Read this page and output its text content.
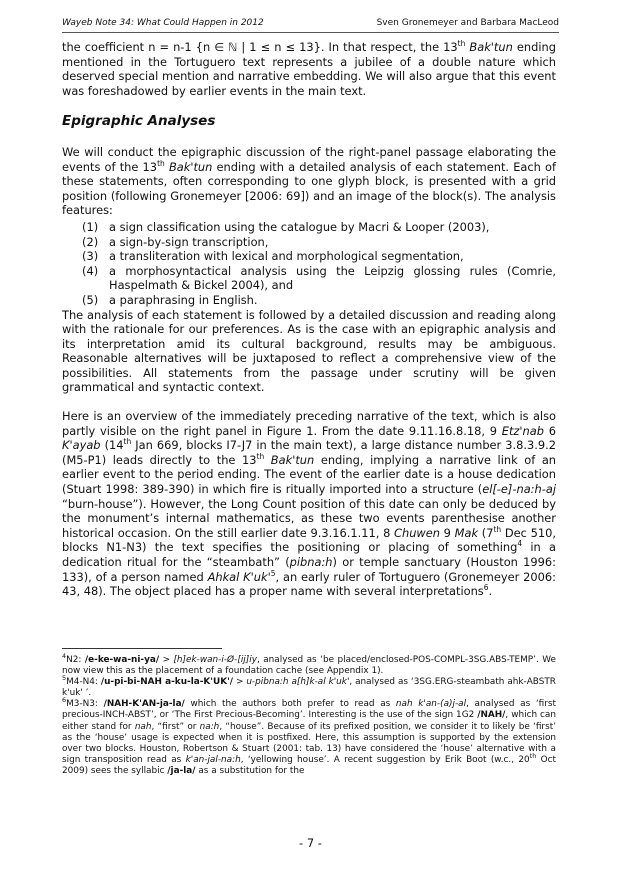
Wayeb Note 34: What Could Happen in 2012	Sven Gronemeyer and Barbara MacLeod

the coefficient n = n-1 {n ∈ ℕ | 1 ≤ n ≤ 13}. In that respect, the 13th Bak'tun ending mentioned in the Tortuguero text represents a jubilee of a double nature which deserved special mention and narrative embedding. We will also argue that this event was foreshadowed by earlier events in the main text.

Epigraphic Analyses

We will conduct the epigraphic discussion of the right-panel passage elaborating the events of the 13th Bak'tun ending with a detailed analysis of each statement. Each of these statements, often corresponding to one glyph block, is presented with a grid position (following Gronemeyer [2006: 69]) and an image of the block(s). The analysis features:

(1) a sign classification using the catalogue by Macri & Looper (2003),
(2) a sign-by-sign transcription,
(3) a transliteration with lexical and morphological segmentation,
(4) a morphosyntactical analysis using the Leipzig glossing rules (Comrie, Haspelmath & Bickel 2004), and
(5) a paraphrasing in English.

The analysis of each statement is followed by a detailed discussion and reading along with the rationale for our preferences. As is the case with an epigraphic analysis and its interpretation amid its cultural background, results may be ambiguous. Reasonable alternatives will be juxtaposed to reflect a comprehensive view of the possibilities. All statements from the passage under scrutiny will be given grammatical and syntactic context.

Here is an overview of the immediately preceding narrative of the text, which is also partly visible on the right panel in Figure 1. From the date 9.11.16.8.18, 9 Etz'nab 6 K'ayab (14th Jan 669, blocks I7-J7 in the main text), a large distance number 3.8.3.9.2 (M5-P1) leads directly to the 13th Bak'tun ending, implying a narrative link of an earlier event to the period ending. The event of the earlier date is a house dedication (Stuart 1998: 389-390) in which fire is ritually imported into a structure (el[-e]-na:h-aj “burn-house”). However, the Long Count position of this date can only be deduced by the monument’s internal mathematics, as these two events parenthesise another historical occasion. On the still earlier date 9.3.16.1.11, 8 Chuwen 9 Mak (7th Dec 510, blocks N1-N3) the text specifies the positioning or placing of something$^4$ in a dedication ritual for the “steambath” (pibna:h) or temple sanctuary (Houston 1996: 133), of a person named Ahkal $K'uk'^5$, an early ruler of Tortuguero (Gronemeyer 2006: 43, 48). The object placed has a proper name with several interpretations$^6$.

$^4$N2: /e-ke-wa-ni-ya/ > [h]ek-wan-i-Ø-[ij]iy, analysed as ‘be placed/enclosed-POS-COMPL-3SG.ABS-TEMP’. We now view this as the placement of a foundation cache (see Appendix 1).

$^5$M4-N4: /u-pi-bi-NAH a-ku-la-K'UK'/ > u-pibna:h a[h]k-al k'uk', analysed as ‘3SG.ERG-steambath ahk-ABSTR k'uk' ’.

$^6$M3-N3: /NAH-K'AN-ja-la/ which the authors both prefer to read as nah k'an-(a)j-al, analysed as ‘first precious-INCH-ABST’, or ‘The First Precious-Becoming’. Interesting is the use of the sign 1G2 /NAH/, which can either stand for nah, “first” or na:h, “house”. Because of its prefixed position, we consider it to likely be ‘first’ as the ‘house’ usage is expected when it is postfixed. Here, this assumption is supported by the extension over two blocks. Houston, Robertson & Stuart (2001: tab. 13) have considered the ‘house’ alternative with a sign transposition read as k'an-jal-na:h, ‘yellowing house’. A recent suggestion by Erik Boot (w.c., 20th Oct 2009) sees the syllabic /ja-la/ as a substitution for the

- 7 -
